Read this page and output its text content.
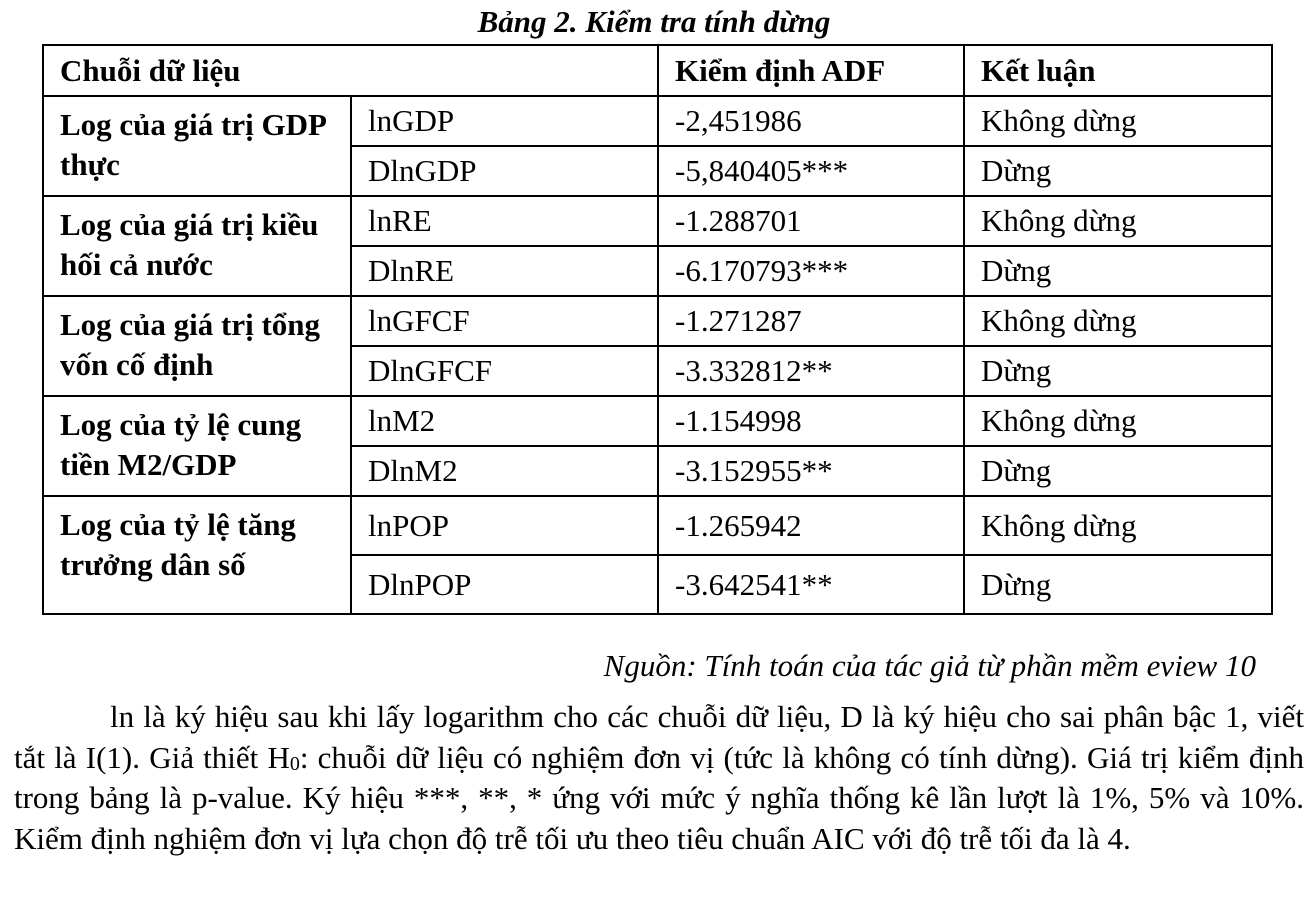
Bảng 2. Kiểm tra tính dừng
Chuỗi dữ liệu		Kiểm định ADF	Kết luận
Log của giá trị GDP thực	lnGDP	-2,451986	Không dừng
	DlnGDP	-5,840405***	Dừng
Log của giá trị kiều hối cả nước	lnRE	-1.288701	Không dừng
	DlnRE	-6.170793***	Dừng
Log của giá trị tổng vốn cố định	lnGFCF	-1.271287	Không dừng
	DlnGFCF	-3.332812**	Dừng
Log của tỷ lệ cung tiền M2/GDP	lnM2	-1.154998	Không dừng
	DlnM2	-3.152955**	Dừng
Log của tỷ lệ tăng trưởng dân số	lnPOP	-1.265942	Không dừng
	DlnPOP	-3.642541**	Dừng
Nguồn: Tính toán của tác giả từ phần mềm eview 10

ln là ký hiệu sau khi lấy logarithm cho các chuỗi dữ liệu, D là ký hiệu cho sai phân bậc 1, viết tắt là I(1). Giả thiết $H_0$: chuỗi dữ liệu có nghiệm đơn vị (tức là không có tính dừng). Giá trị kiểm định trong bảng là p-value. Ký hiệu ***, **, * ứng với mức ý nghĩa thống kê lần lượt là 1%, 5% và 10%. Kiểm định nghiệm đơn vị lựa chọn độ trễ tối ưu theo tiêu chuẩn AIC với độ trễ tối đa là 4.
